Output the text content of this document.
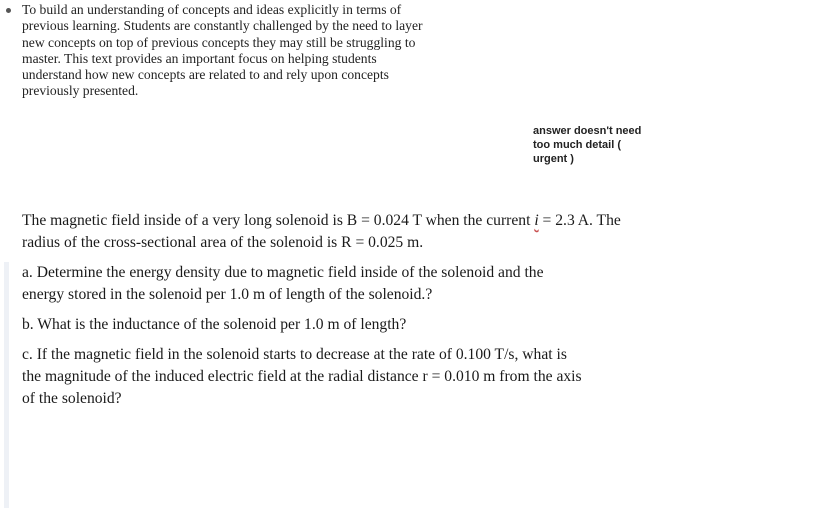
To build an understanding of concepts and ideas explicitly in terms of previous learning. Students are constantly challenged by the need to layer new concepts on top of previous concepts they may still be struggling to master. This text provides an important focus on helping students understand how new concepts are related to and rely upon concepts previously presented.
answer doesn't need too much detail ( urgent )

The magnetic field inside of a very long solenoid is B = 0.024 T when the current i = 2.3 A. The radius of the cross-sectional area of the solenoid is R = 0.025 m.

a. Determine the energy density due to magnetic field inside of the solenoid and the energy stored in the solenoid per 1.0 m of length of the solenoid.?

b. What is the inductance of the solenoid per 1.0 m of length?

c. If the magnetic field in the solenoid starts to decrease at the rate of 0.100 T/s, what is the magnitude of the induced electric field at the radial distance r = 0.010 m from the axis of the solenoid?
